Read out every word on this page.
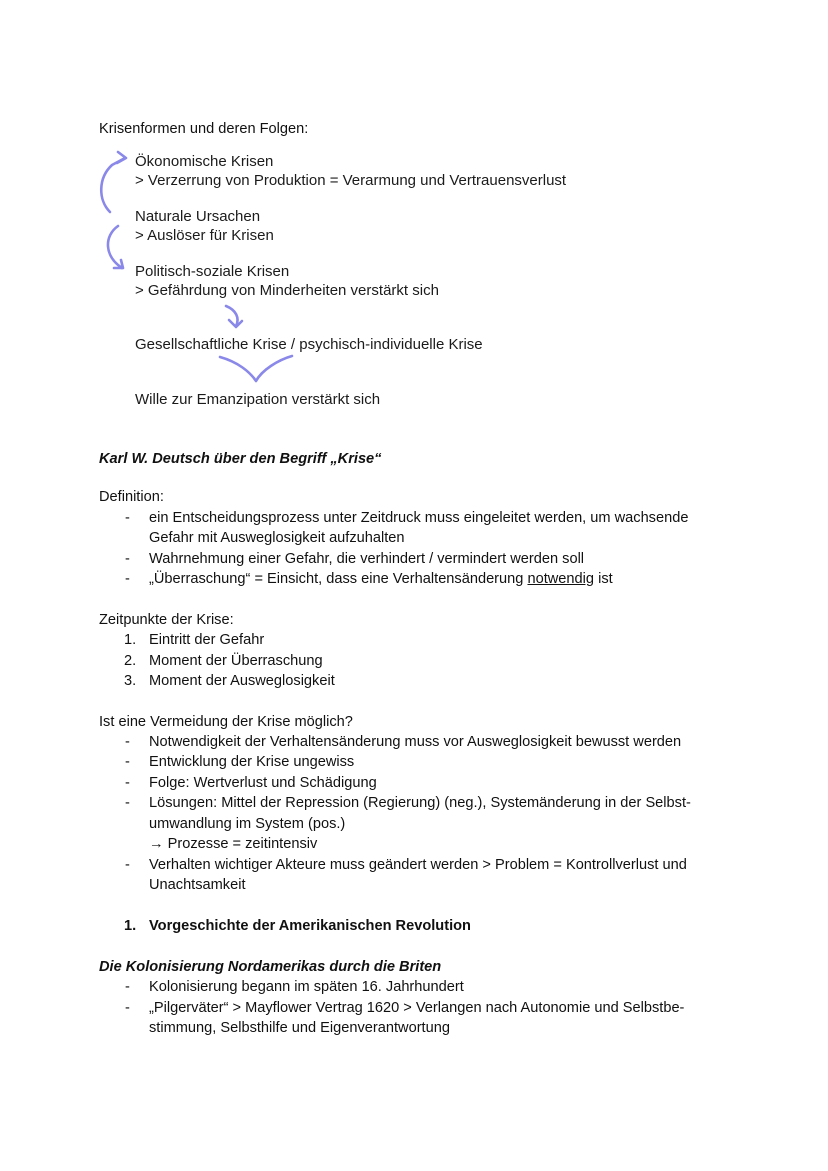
Krisenformen und deren Folgen:
Ökonomische Krisen
> Verzerrung von Produktion = Verarmung und Vertrauensverlust
Naturale Ursachen
> Auslöser für Krisen
Politisch-soziale Krisen
> Gefährdung von Minderheiten verstärkt sich
Gesellschaftliche Krise / psychisch-individuelle Krise
Wille zur Emanzipation verstärkt sich
Karl W. Deutsch über den Begriff „Krise“
Definition:
- ein Entscheidungsprozess unter Zeitdruck muss eingeleitet werden, um wachsende
Gefahr mit Ausweglosigkeit aufzuhalten
- Wahrnehmung einer Gefahr, die verhindert / vermindert werden soll
- „Überraschung“ = Einsicht, dass eine Verhaltensänderung notwendig ist
Zeitpunkte der Krise:
1. Eintritt der Gefahr
2. Moment der Überraschung
3. Moment der Ausweglosigkeit
Ist eine Vermeidung der Krise möglich?
- Notwendigkeit der Verhaltensänderung muss vor Ausweglosigkeit bewusst werden
- Entwicklung der Krise ungewiss
- Folge: Wertverlust und Schädigung
- Lösungen: Mittel der Repression (Regierung) (neg.), Systemänderung in der Selbst-
umwandlung im System (pos.)
→ Prozesse = zeitintensiv
- Verhalten wichtiger Akteure muss geändert werden > Problem = Kontrollverlust und
Unachtsamkeit
1. Vorgeschichte der Amerikanischen Revolution
Die Kolonisierung Nordamerikas durch die Briten
- Kolonisierung begann im späten 16. Jahrhundert
- „Pilgerväter“ > Mayflower Vertrag 1620 > Verlangen nach Autonomie und Selbstbe-
stimmung, Selbsthilfe und Eigenverantwortung
